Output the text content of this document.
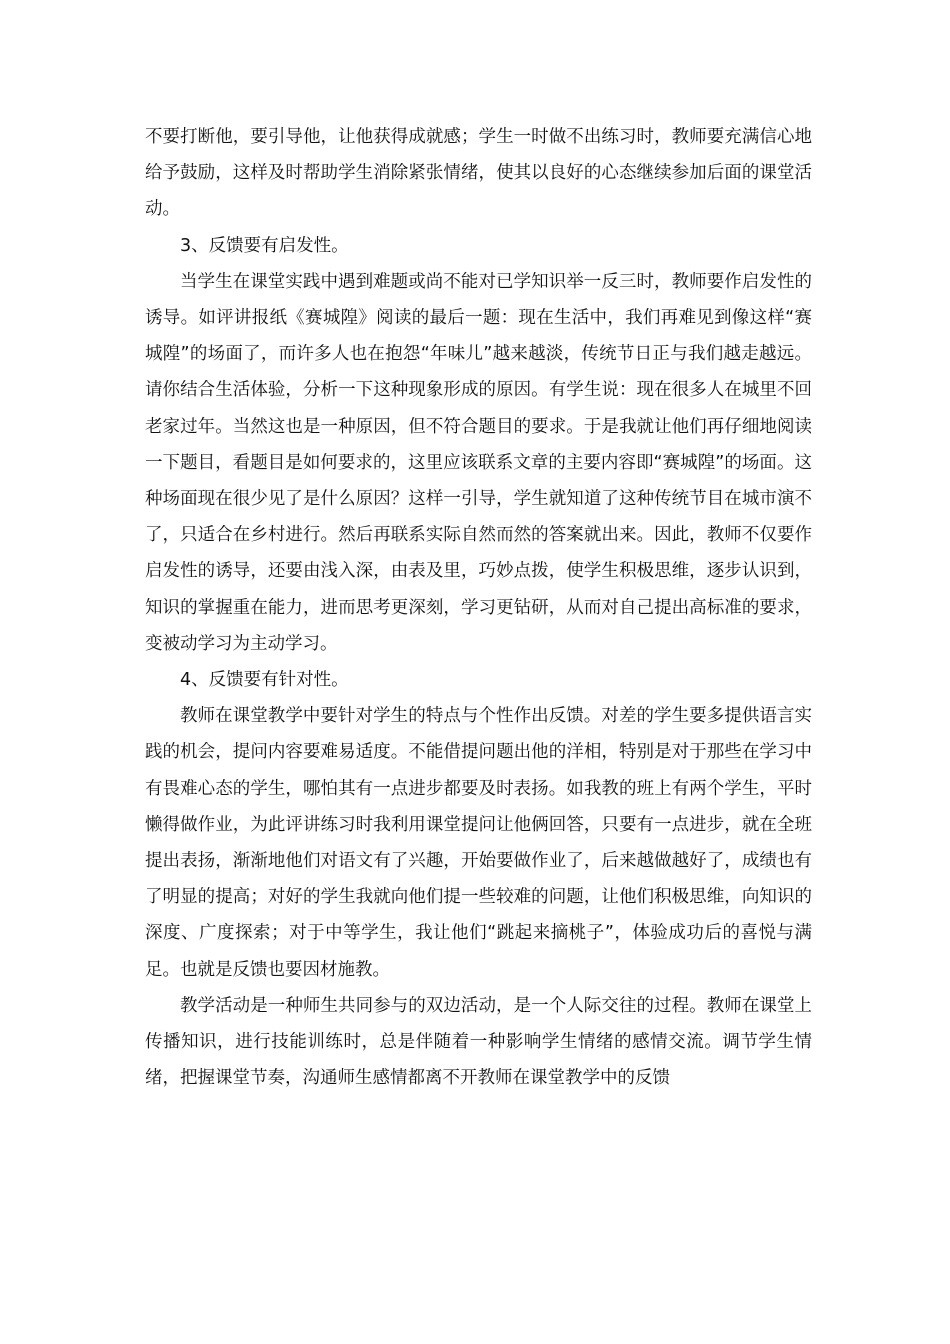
不要打断他，要引导他，让他获得成就感；学生一时做不出练习时，教师要充满信心地给予鼓励，这样及时帮助学生消除紧张情绪，使其以良好的心态继续参加后面的课堂活动。

3、反馈要有启发性。

当学生在课堂实践中遇到难题或尚不能对已学知识举一反三时，教师要作启发性的诱导。如评讲报纸《赛城隍》阅读的最后一题：现在生活中，我们再难见到像这样“赛城隍”的场面了，而许多人也在抱怨“年味儿”越来越淡，传统节日正与我们越走越远。请你结合生活体验，分析一下这种现象形成的原因。有学生说：现在很多人在城里不回老家过年。当然这也是一种原因，但不符合题目的要求。于是我就让他们再仔细地阅读一下题目，看题目是如何要求的，这里应该联系文章的主要内容即“赛城隍”的场面。这种场面现在很少见了是什么原因？这样一引导，学生就知道了这种传统节目在城市演不了，只适合在乡村进行。然后再联系实际自然而然的答案就出来。因此，教师不仅要作启发性的诱导，还要由浅入深，由表及里，巧妙点拨，使学生积极思维，逐步认识到，知识的掌握重在能力，进而思考更深刻，学习更钻研，从而对自己提出高标准的要求，变被动学习为主动学习。

4、反馈要有针对性。

教师在课堂教学中要针对学生的特点与个性作出反馈。对差的学生要多提供语言实践的机会，提问内容要难易适度。不能借提问题出他的洋相，特别是对于那些在学习中有畏难心态的学生，哪怕其有一点进步都要及时表扬。如我教的班上有两个学生，平时懒得做作业，为此评讲练习时我利用课堂提问让他俩回答，只要有一点进步，就在全班提出表扬，渐渐地他们对语文有了兴趣，开始要做作业了，后来越做越好了，成绩也有了明显的提高；对好的学生我就向他们提一些较难的问题，让他们积极思维，向知识的深度、广度探索；对于中等学生，我让他们“跳起来摘桃子”，体验成功后的喜悦与满足。也就是反馈也要因材施教。

教学活动是一种师生共同参与的双边活动，是一个人际交往的过程。教师在课堂上传播知识，进行技能训练时，总是伴随着一种影响学生情绪的感情交流。调节学生情绪，把握课堂节奏，沟通师生感情都离不开教师在课堂教学中的反馈
